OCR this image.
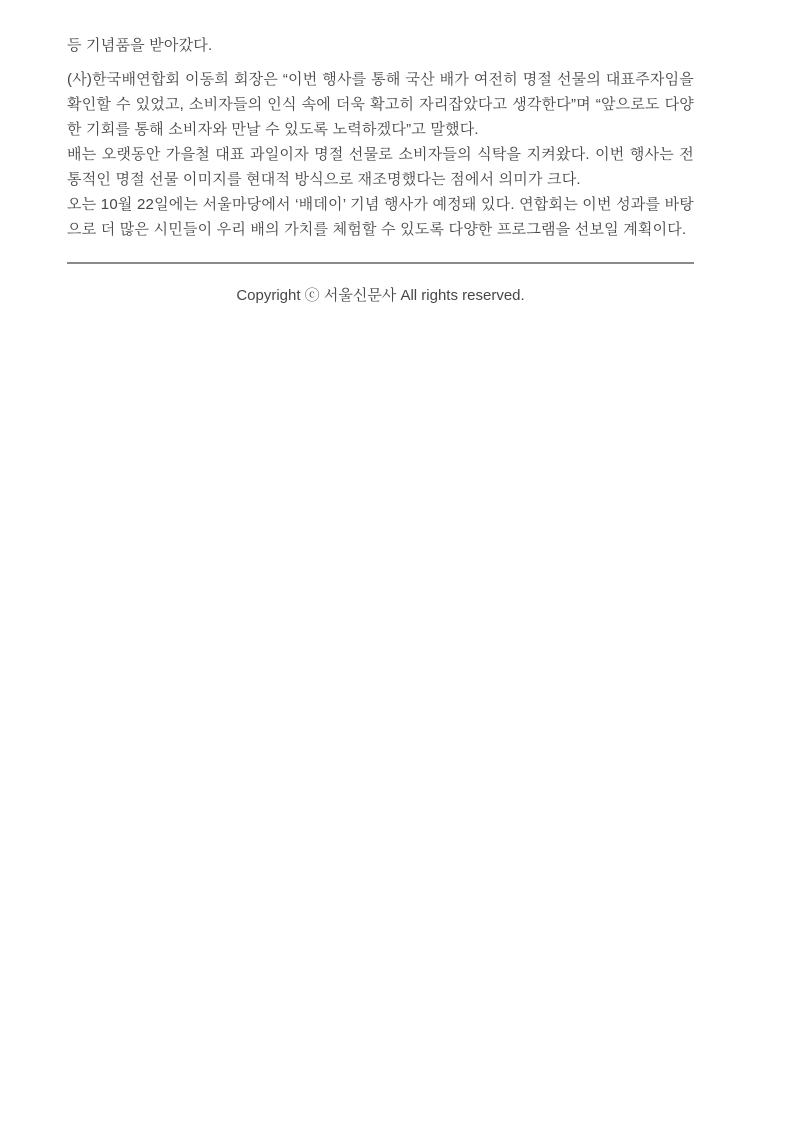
등 기념품을 받아갔다.

(사)한국배연합회 이동희 회장은 “이번 행사를 통해 국산 배가 여전히 명절 선물의 대표주자임을 확인할 수 있었고, 소비자들의 인식 속에 더욱 확고히 자리잡았다고 생각한다”며 “앞으로도 다양한 기회를 통해 소비자와 만날 수 있도록 노력하겠다”고 말했다.

배는 오랫동안 가을철 대표 과일이자 명절 선물로 소비자들의 식탁을 지켜왔다. 이번 행사는 전통적인 명절 선물 이미지를 현대적 방식으로 재조명했다는 점에서 의미가 크다.

오는 10월 22일에는 서울마당에서 ‘배데이’ 기념 행사가 예정돼 있다. 연합회는 이번 성과를 바탕으로 더 많은 시민들이 우리 배의 가치를 체험할 수 있도록 다양한 프로그램을 선보일 계획이다.

Copyright ⓒ 서울신문사 All rights reserved.
